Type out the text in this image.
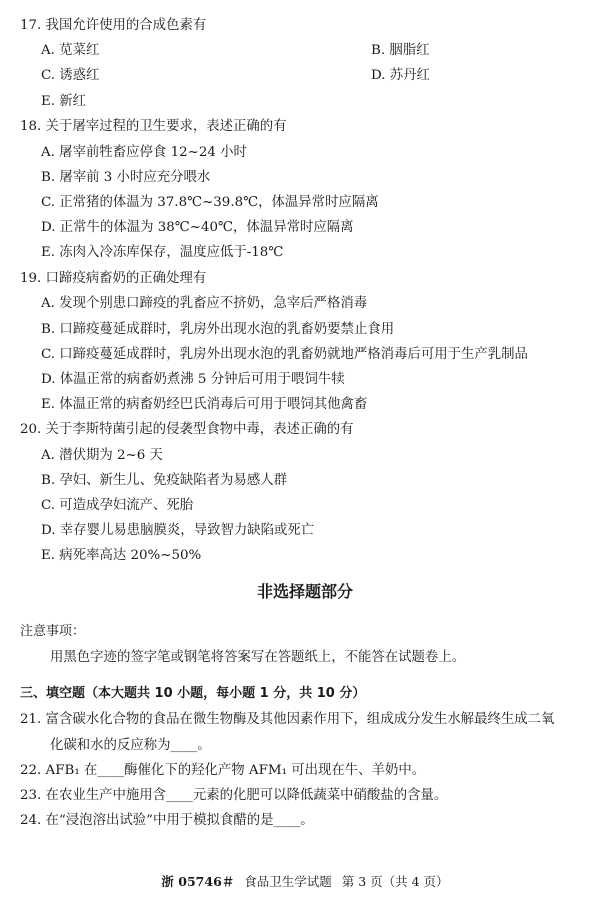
17. 我国允许使用的合成色素有
A. 苋菜红	B. 胭脂红
C. 诱惑红	D. 苏丹红
E. 新红
18. 关于屠宰过程的卫生要求，表述正确的有
A. 屠宰前牲畜应停食 12~24 小时
B. 屠宰前 3 小时应充分喂水
C. 正常猪的体温为 37.8℃~39.8℃，体温异常时应隔离
D. 正常牛的体温为 38℃~40℃，体温异常时应隔离
E. 冻肉入冷冻库保存，温度应低于-18℃
19. 口蹄疫病畜奶的正确处理有
A. 发现个别患口蹄疫的乳畜应不挤奶，急宰后严格消毒
B. 口蹄疫蔓延成群时，乳房外出现水泡的乳畜奶要禁止食用
C. 口蹄疫蔓延成群时，乳房外出现水泡的乳畜奶就地严格消毒后可用于生产乳制品
D. 体温正常的病畜奶煮沸 5 分钟后可用于喂饲牛犊
E. 体温正常的病畜奶经巴氏消毒后可用于喂饲其他禽畜
20. 关于李斯特菌引起的侵袭型食物中毒，表述正确的有
A. 潜伏期为 2~6 天
B. 孕妇、新生儿、免疫缺陷者为易感人群
C. 可造成孕妇流产、死胎
D. 幸存婴儿易患脑膜炎，导致智力缺陷或死亡
E. 病死率高达 20%~50%
非选择题部分
注意事项：
用黑色字迹的签字笔或钢笔将答案写在答题纸上，不能答在试题卷上。
三、填空题（本大题共 10 小题，每小题 1 分，共 10 分）
21. 富含碳水化合物的食品在微生物酶及其他因素作用下，组成成分发生水解最终生成二氧
化碳和水的反应称为____。
22. AFB₁ 在____酶催化下的羟化产物 AFM₁ 可出现在牛、羊奶中。
23. 在农业生产中施用含____元素的化肥可以降低蔬菜中硝酸盐的含量。
24. 在“浸泡溶出试验”中用于模拟食醋的是____。
浙 05746＃ 食品卫生学试题 第 3 页（共 4 页）
